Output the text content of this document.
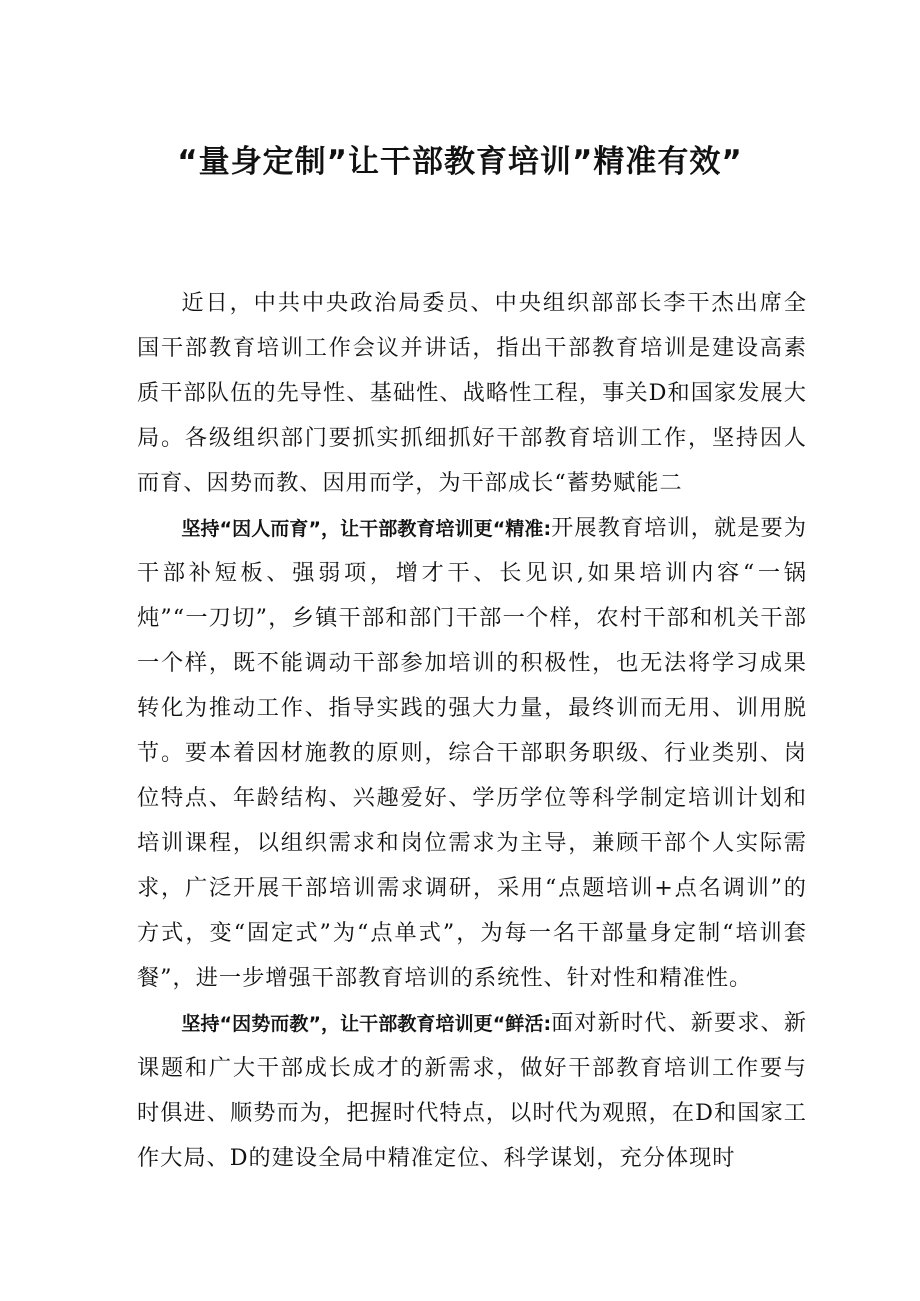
“量身定制”让干部教育培训”精准有效”

近日，中共中央政治局委员、中央组织部部长李干杰出席全国干部教育培训工作会议并讲话，指出干部教育培训是建设高素质干部队伍的先导性、基础性、战略性工程，事关D和国家发展大局。各级组织部门要抓实抓细抓好干部教育培训工作，坚持因人而育、因势而教、因用而学，为干部成长“蓄势赋能二

坚持“因人而育”，让干部教育培训更“精准:开展教育培训，就是要为干部补短板、强弱项，增才干、长见识,如果培训内容“一锅炖”“一刀切”，乡镇干部和部门干部一个样，农村干部和机关干部一个样，既不能调动干部参加培训的积极性，也无法将学习成果转化为推动工作、指导实践的强大力量，最终训而无用、训用脱节。要本着因材施教的原则，综合干部职务职级、行业类别、岗位特点、年龄结构、兴趣爱好、学历学位等科学制定培训计划和培训课程，以组织需求和岗位需求为主导，兼顾干部个人实际需求，广泛开展干部培训需求调研，采用“点题培训+点名调训”的方式，变“固定式”为“点单式”，为每一名干部量身定制“培训套餐”，进一步增强干部教育培训的系统性、针对性和精准性。

坚持“因势而教”，让干部教育培训更“鲜活:面对新时代、新要求、新课题和广大干部成长成才的新需求，做好干部教育培训工作要与时俱进、顺势而为，把握时代特点，以时代为观照，在D和国家工作大局、D的建设全局中精准定位、科学谋划，充分体现时
